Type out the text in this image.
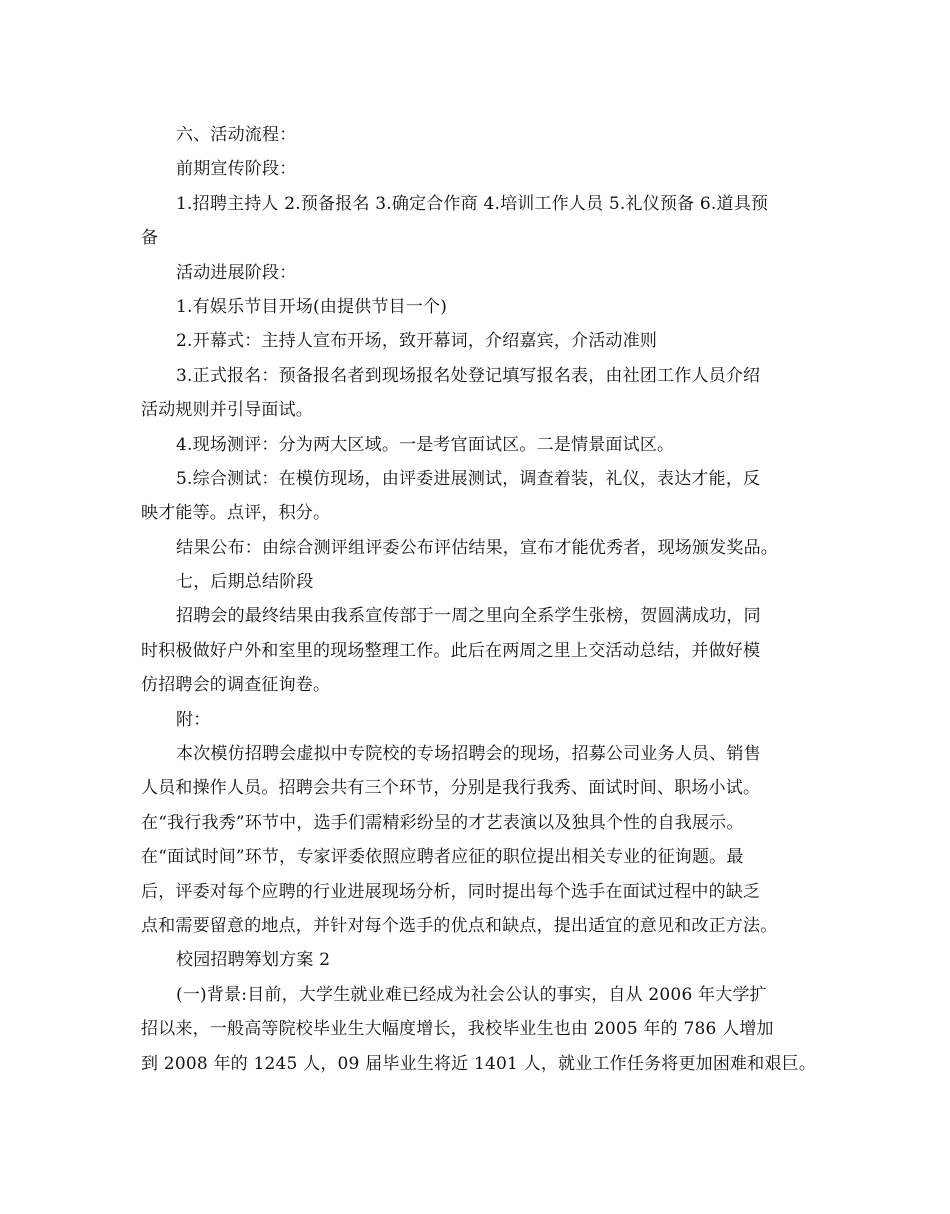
六、活动流程：
前期宣传阶段：
1.招聘主持人 2.预备报名 3.确定合作商 4.培训工作人员 5.礼仪预备 6.道具预
备
活动进展阶段：
1.有娱乐节目开场(由提供节目一个)
2.开幕式：主持人宣布开场，致开幕词，介绍嘉宾，介活动准则
3.正式报名：预备报名者到现场报名处登记填写报名表，由社团工作人员介绍
活动规则并引导面试。
4.现场测评：分为两大区域。一是考官面试区。二是情景面试区。
5.综合测试：在模仿现场，由评委进展测试，调查着装，礼仪，表达才能，反
映才能等。点评，积分。
结果公布：由综合测评组评委公布评估结果，宣布才能优秀者，现场颁发奖品。
七，后期总结阶段
招聘会的最终结果由我系宣传部于一周之里向全系学生张榜，贺圆满成功，同
时积极做好户外和室里的现场整理工作。此后在两周之里上交活动总结，并做好模
仿招聘会的调查征询卷。
附：
本次模仿招聘会虚拟中专院校的专场招聘会的现场，招募公司业务人员、销售
人员和操作人员。招聘会共有三个环节，分别是我行我秀、面试时间、职场小试。
在“我行我秀”环节中，选手们需精彩纷呈的才艺表演以及独具个性的自我展示。
在“面试时间”环节，专家评委依照应聘者应征的职位提出相关专业的征询题。最
后，评委对每个应聘的行业进展现场分析，同时提出每个选手在面试过程中的缺乏
点和需要留意的地点，并针对每个选手的优点和缺点，提出适宜的意见和改正方法。
校园招聘筹划方案 2
(一)背景:目前，大学生就业难已经成为社会公认的事实，自从 2006 年大学扩
招以来，一般高等院校毕业生大幅度增长，我校毕业生也由 2005 年的 786 人增加
到 2008 年的 1245 人，09 届毕业生将近 1401 人，就业工作任务将更加困难和艰巨。
